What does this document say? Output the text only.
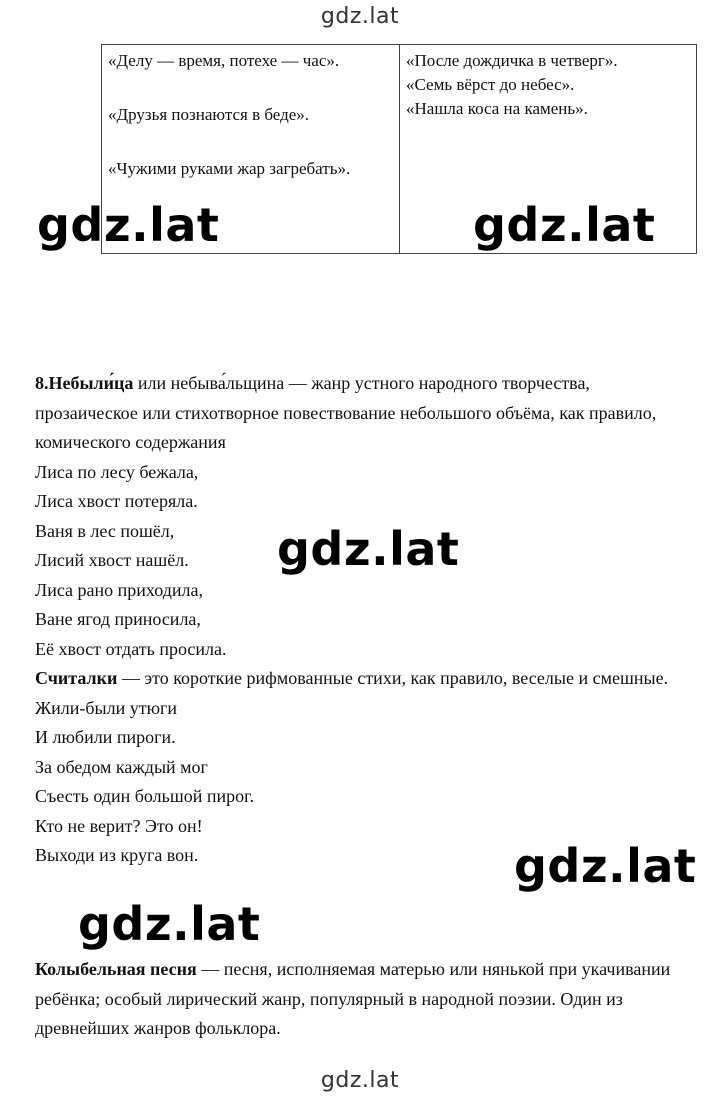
gdz.lat

«Делу — время, потехе — час».

«Друзья познаются в беде».

«Чужими руками жар загребать».

«После дождичка в четверг».

«Семь вёрст до небес».

«Нашла коса на камень».

gdz.lat	gdz.lat

8.Небыли́ца или небыва́льщина — жанр устного народного творчества, прозаическое или стихотворное повествование небольшого объёма, как правило, комического содержания

Лиса по лесу бежала,

Лиса хвост потеряла.

Ваня в лес пошёл,

Лисий хвост нашёл.

Лиса рано приходила,

Ване ягод приносила,

Её хвост отдать просила.

Считалки — это короткие рифмованные стихи, как правило, веселые и смешные.

Жили-были утюги

И любили пироги.

За обедом каждый мог

Съесть один большой пирог.

Кто не верит? Это он!

Выходи из круга вон.

gdz.lat
gdz.lat
gdz.lat

Колыбельная песня — песня, исполняемая матерью или нянькой при укачивании ребёнка; особый лирический жанр, популярный в народной поэзии. Один из древнейших жанров фольклора.

gdz.lat
